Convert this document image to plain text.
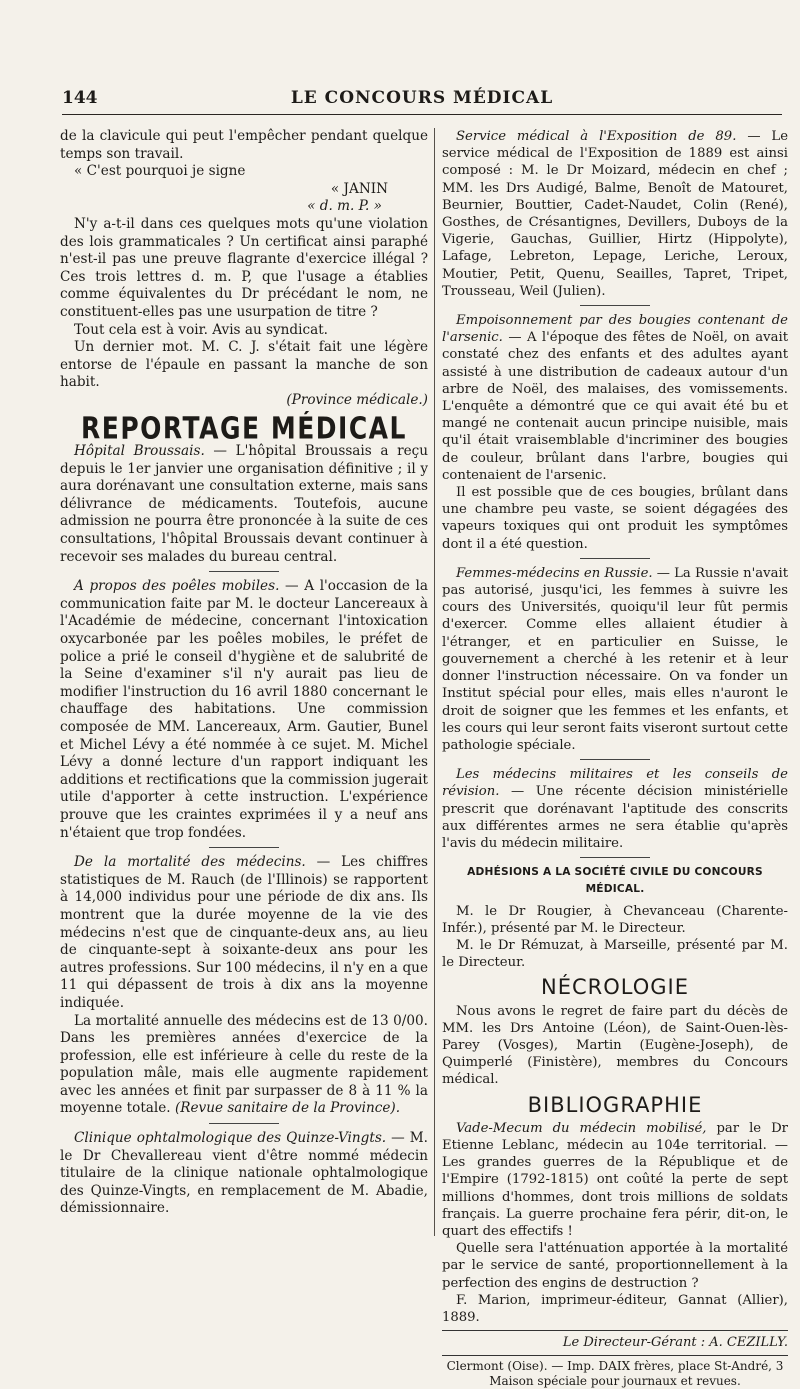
144	LE CONCOURS MÉDICAL

de la clavicule qui peut l'empêcher pendant quelque temps son travail.

« C'est pourquoi je signe

« JANIN

« d. m. P. »

N'y a-t-il dans ces quelques mots qu'une violation des lois grammaticales ? Un certificat ainsi paraphé n'est-il pas une preuve flagrante d'exercice illégal ? Ces trois lettres d. m. P, que l'usage a établies comme équivalentes du Dr précédant le nom, ne constituent-elles pas une usurpation de titre ?

Tout cela est à voir. Avis au syndicat.

Un dernier mot. M. C. J. s'était fait une légère entorse de l'épaule en passant la manche de son habit.

(Province médicale.)

REPORTAGE MÉDICAL

Hôpital Broussais. — L'hôpital Broussais a reçu depuis le 1er janvier une organisation définitive ; il y aura dorénavant une consultation externe, mais sans délivrance de médicaments. Toutefois, aucune admission ne pourra être prononcée à la suite de ces consultations, l'hôpital Broussais devant continuer à recevoir ses malades du bureau central.

A propos des poêles mobiles. — A l'occasion de la communication faite par M. le docteur Lancereaux à l'Académie de médecine, concernant l'intoxication oxycarbonée par les poêles mobiles, le préfet de police a prié le conseil d'hygiène et de salubrité de la Seine d'examiner s'il n'y aurait pas lieu de modifier l'instruction du 16 avril 1880 concernant le chauffage des habitations. Une commission composée de MM. Lancereaux, Arm. Gautier, Bunel et Michel Lévy a été nommée à ce sujet. M. Michel Lévy a donné lecture d'un rapport indiquant les additions et rectifications que la commission jugerait utile d'apporter à cette instruction. L'expérience prouve que les craintes exprimées il y a neuf ans n'étaient que trop fondées.

De la mortalité des médecins. — Les chiffres statistiques de M. Rauch (de l'Illinois) se rapportent à 14,000 individus pour une période de dix ans. Ils montrent que la durée moyenne de la vie des médecins n'est que de cinquante-deux ans, au lieu de cinquante-sept à soixante-deux ans pour les autres professions. Sur 100 médecins, il n'y en a que 11 qui dépassent de trois à dix ans la moyenne indiquée.

La mortalité annuelle des médecins est de 13 0/00. Dans les premières années d'exercice de la profession, elle est inférieure à celle du reste de la population mâle, mais elle augmente rapidement avec les années et finit par surpasser de 8 à 11 % la moyenne totale. (Revue sanitaire de la Province).

Clinique ophtalmologique des Quinze-Vingts. — M. le Dr Chevallereau vient d'être nommé médecin titulaire de la clinique nationale ophtalmologique des Quinze-Vingts, en remplacement de M. Abadie, démissionnaire.

Service médical à l'Exposition de 89. — Le service médical de l'Exposition de 1889 est ainsi composé : M. le Dr Moizard, médecin en chef ; MM. les Drs Audigé, Balme, Benoît de Matouret, Beurnier, Bouttier, Cadet-Naudet, Colin (René), Gosthes, de Crésantignes, Devillers, Duboys de la Vigerie, Gauchas, Guillier, Hirtz (Hippolyte), Lafage, Lebreton, Lepage, Leriche, Leroux, Moutier, Petit, Quenu, Seailles, Tapret, Tripet, Trousseau, Weil (Julien).

Empoisonnement par des bougies contenant de l'arsenic. — A l'époque des fêtes de Noël, on avait constaté chez des enfants et des adultes ayant assisté à une distribution de cadeaux autour d'un arbre de Noël, des malaises, des vomissements. L'enquête a démontré que ce qui avait été bu et mangé ne contenait aucun principe nuisible, mais qu'il était vraisemblable d'incriminer des bougies de couleur, brûlant dans l'arbre, bougies qui contenaient de l'arsenic.

Il est possible que de ces bougies, brûlant dans une chambre peu vaste, se soient dégagées des vapeurs toxiques qui ont produit les symptômes dont il a été question.

Femmes-médecins en Russie. — La Russie n'avait pas autorisé, jusqu'ici, les femmes à suivre les cours des Universités, quoiqu'il leur fût permis d'exercer. Comme elles allaient étudier à l'étranger, et en particulier en Suisse, le gouvernement a cherché à les retenir et à leur donner l'instruction nécessaire. On va fonder un Institut spécial pour elles, mais elles n'auront le droit de soigner que les femmes et les enfants, et les cours qui leur seront faits viseront surtout cette pathologie spéciale.

Les médecins militaires et les conseils de révision. — Une récente décision ministérielle prescrit que dorénavant l'aptitude des conscrits aux différentes armes ne sera établie qu'après l'avis du médecin militaire.

ADHÉSIONS A LA SOCIÉTÉ CIVILE DU CONCOURS MÉDICAL.

M. le Dr Rougier, à Chevanceau (Charente-Infér.), présenté par M. le Directeur.

M. le Dr Rémuzat, à Marseille, présenté par M. le Directeur.

NÉCROLOGIE

Nous avons le regret de faire part du décès de MM. les Drs Antoine (Léon), de Saint-Ouen-lès-Parey (Vosges), Martin (Eugène-Joseph), de Quimperlé (Finistère), membres du Concours médical.

BIBLIOGRAPHIE

Vade-Mecum du médecin mobilisé, par le Dr Etienne Leblanc, médecin au 104e territorial. — Les grandes guerres de la République et de l'Empire (1792-1815) ont coûté la perte de sept millions d'hommes, dont trois millions de soldats français. La guerre prochaine fera périr, dit-on, le quart des effectifs !

Quelle sera l'atténuation apportée à la mortalité par le service de santé, proportionnellement à la perfection des engins de destruction ?

F. Marion, imprimeur-éditeur, Gannat (Allier), 1889.

Le Directeur-Gérant : A. CEZILLY.

Clermont (Oise). — Imp. DAIX frères, place St-André, 3

Maison spéciale pour journaux et revues.
